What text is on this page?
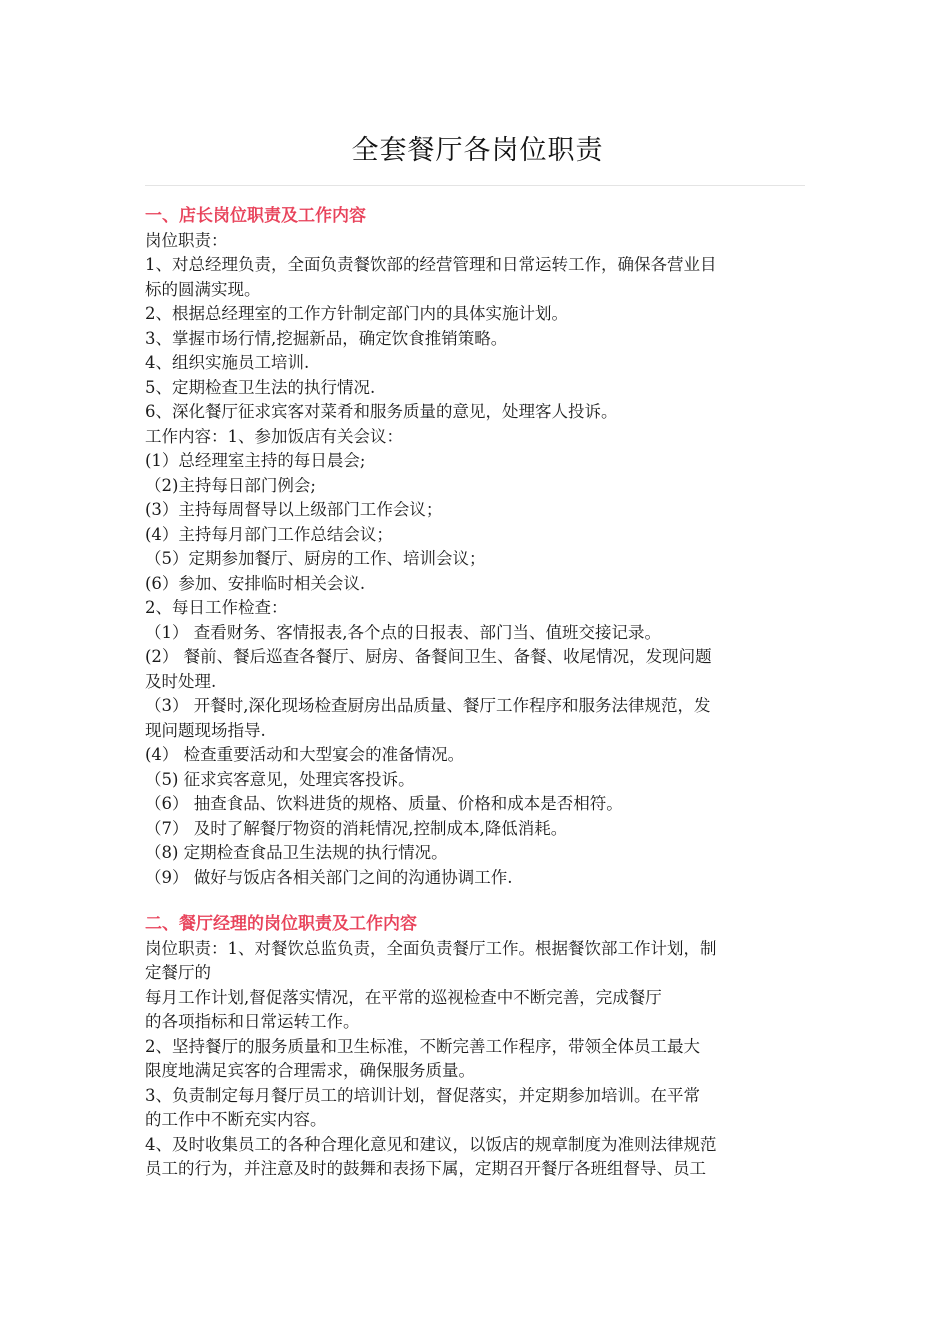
全套餐厅各岗位职责
一、店长岗位职责及工作内容

岗位职责：

1、对总经理负责，全面负责餐饮部的经营管理和日常运转工作，确保各营业目

标的圆满实现。

2、根据总经理室的工作方针制定部门内的具体实施计划。

3、掌握市场行情,挖掘新品，确定饮食推销策略。

4、组织实施员工培训.

5、定期检查卫生法的执行情况.

6、深化餐厅征求宾客对菜肴和服务质量的意见，处理客人投诉。

工作内容：1、参加饭店有关会议：

(1）总经理室主持的每日晨会;

（2)主持每日部门例会;

(3）主持每周督导以上级部门工作会议；

(4）主持每月部门工作总结会议；

（5）定期参加餐厅、厨房的工作、培训会议；

(6）参加、安排临时相关会议.

2、每日工作检查：

（1） 查看财务、客情报表,各个点的日报表、部门当、值班交接记录。

(2） 餐前、餐后巡查各餐厅、厨房、备餐间卫生、备餐、收尾情况，发现问题

及时处理.

（3） 开餐时,深化现场检查厨房出品质量、餐厅工作程序和服务法律规范，发

现问题现场指导.

(4） 检查重要活动和大型宴会的准备情况。

（5) 征求宾客意见，处理宾客投诉。

（6） 抽查食品、饮料进货的规格、质量、价格和成本是否相符。

（7） 及时了解餐厅物资的消耗情况,控制成本,降低消耗。

（8) 定期检查食品卫生法规的执行情况。

（9） 做好与饭店各相关部门之间的沟通协调工作.

二、餐厅经理的岗位职责及工作内容

岗位职责：1、对餐饮总监负责，全面负责餐厅工作。根据餐饮部工作计划，制

定餐厅的

每月工作计划,督促落实情况，在平常的巡视检查中不断完善，完成餐厅

的各项指标和日常运转工作。

2、坚持餐厅的服务质量和卫生标准，不断完善工作程序，带领全体员工最大

限度地满足宾客的合理需求，确保服务质量。

3、负责制定每月餐厅员工的培训计划，督促落实，并定期参加培训。在平常

的工作中不断充实内容。

4、及时收集员工的各种合理化意见和建议，以饭店的规章制度为准则法律规范

员工的行为，并注意及时的鼓舞和表扬下属，定期召开餐厅各班组督导、员工
